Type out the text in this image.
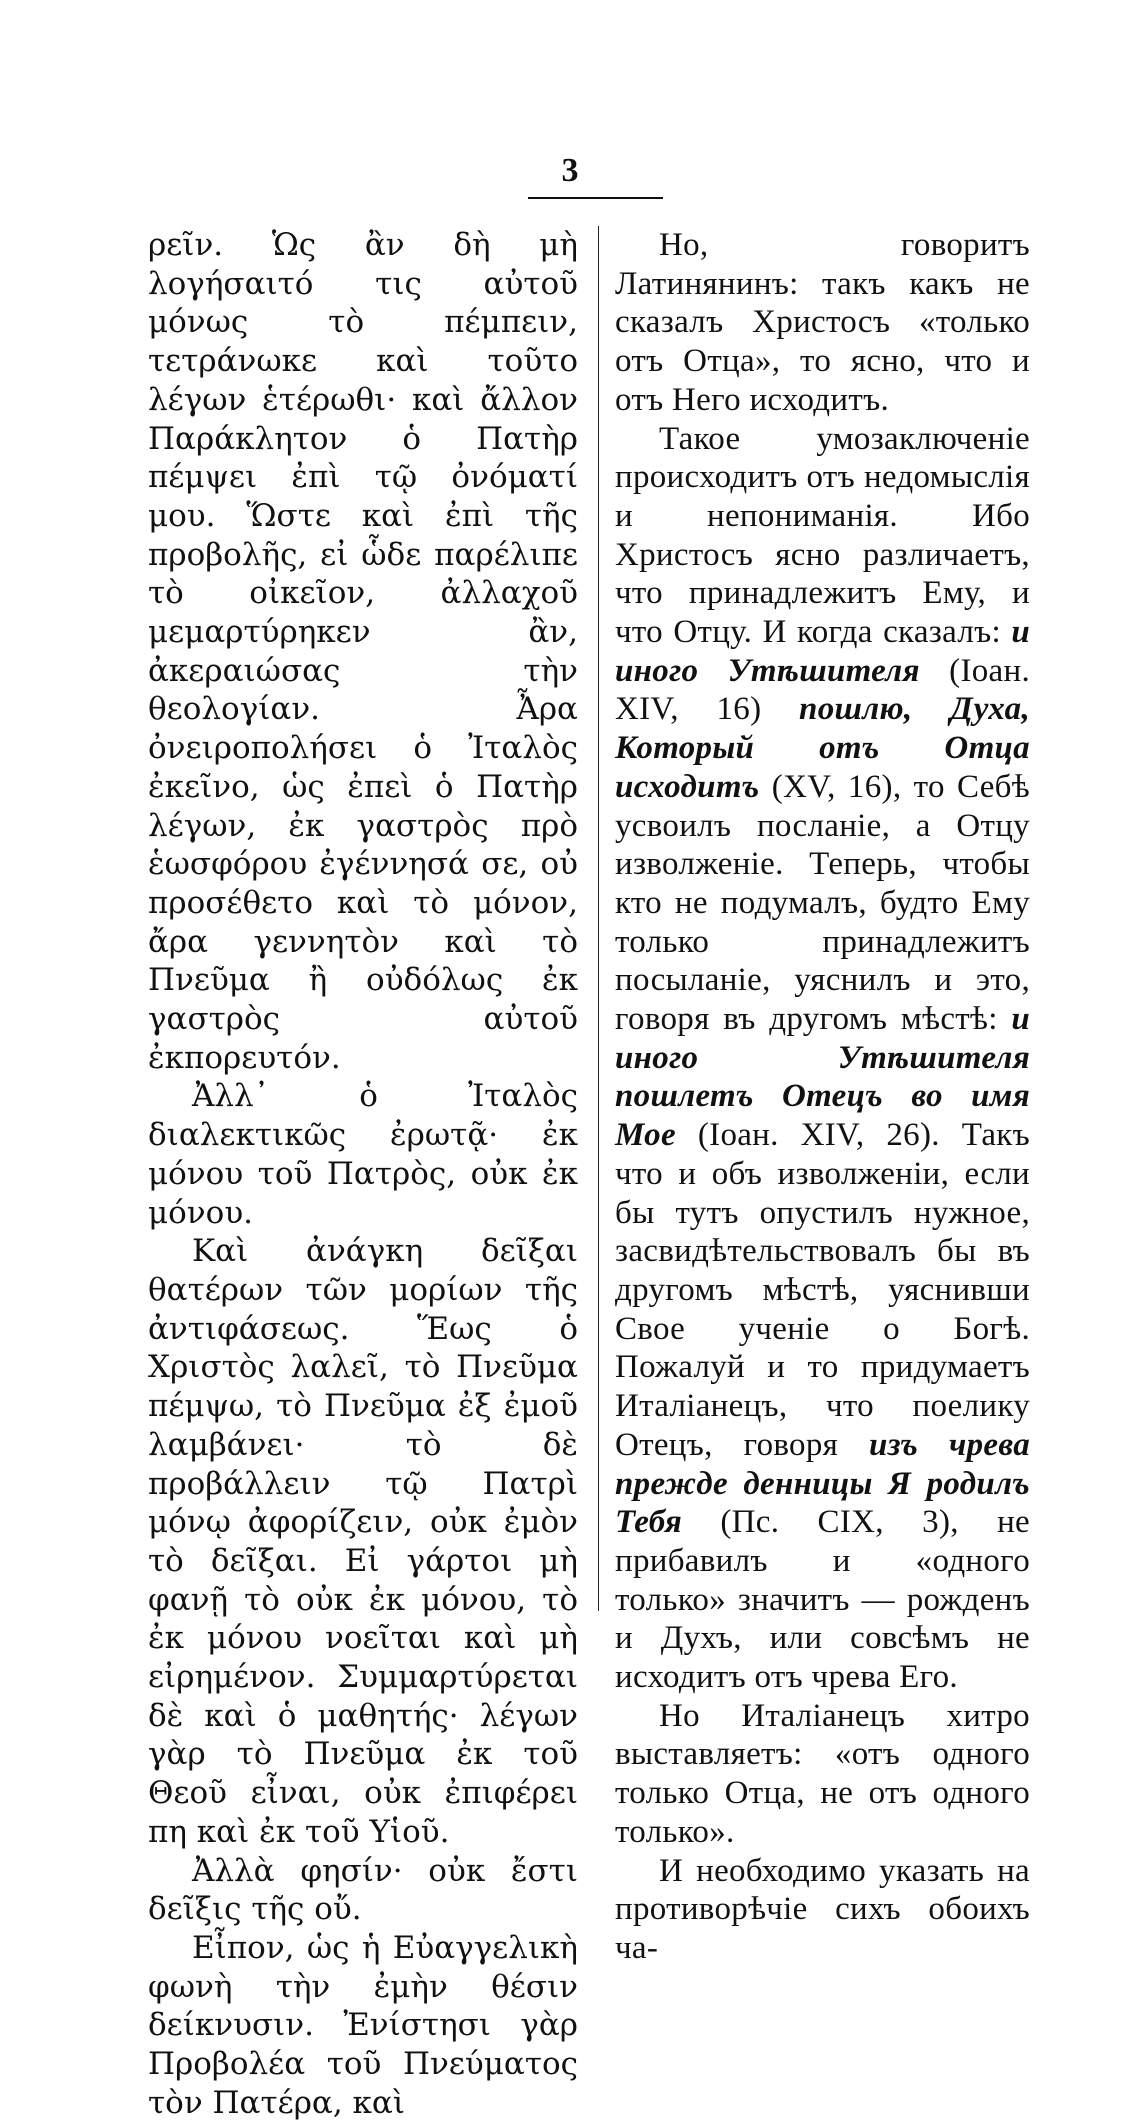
3

ρεῖν. Ὡς ἂν δὴ μὴ λογήσαιτό τις αὐτοῦ μόνως τὸ πέμπειν, τετράνωκε καὶ τοῦτο λέγων ἑτέρωθι· καὶ ἄλλον Παράκλητον ὁ Πατὴρ πέμψει ἐπὶ τῷ ὀνόματί μου. Ὥστε καὶ ἐπὶ τῆς προβολῆς, εἰ ὧδε παρέλιπε τὸ οἰκεῖον, ἀλλαχοῦ μεμαρτύρηκεν ἂν, ἀκεραιώσας τὴν θεολογίαν. Ἆρα ὀνειροπολήσει ὁ Ἰταλὸς ἐκεῖνο, ὡς ἐπεὶ ὁ Πατὴρ λέγων, ἐκ γαστρὸς πρὸ ἑωσφόρου ἐγέννησά σε, οὐ προσέθετο καὶ τὸ μόνον, ἄρα γεννητὸν καὶ τὸ Πνεῦμα ἢ οὐδόλως ἐκ γαστρὸς αὐτοῦ ἐκπορευτόν.

Ἀλλ᾽ ὁ Ἰταλὸς διαλεκτικῶς ἐρωτᾷ· ἐκ μόνου τοῦ Πατρὸς, οὐκ ἐκ μόνου.

Καὶ ἀνάγκη δεῖξαι θατέρων τῶν μορίων τῆς ἀντιφάσεως. Ἕως ὁ Χριστὸς λαλεῖ, τὸ Πνεῦμα πέμψω, τὸ Πνεῦμα ἐξ ἐμοῦ λαμβάνει· τὸ δὲ προβάλλειν τῷ Πατρὶ μόνῳ ἀφορίζειν, οὐκ ἐμὸν τὸ δεῖξαι. Εἰ γάρτοι μὴ φανῇ τὸ οὐκ ἐκ μόνου, τὸ ἐκ μόνου νοεῖται καὶ μὴ εἰρημένον. Συμμαρτύρεται δὲ καὶ ὁ μαθητής· λέγων γὰρ τὸ Πνεῦμα ἐκ τοῦ Θεοῦ εἶναι, οὐκ ἐπιφέρει πη καὶ ἐκ τοῦ Υἱοῦ.

Ἀλλὰ φησίν· οὐκ ἔστι δεῖξις τῆς οὔ.

Εἶπον, ὡς ἡ Εὐαγγελικὴ φωνὴ τὴν ἐμὴν θέσιν δείκνυσιν. Ἐνίστησι γὰρ Προβολέα τοῦ Πνεύματος τὸν Πατέρα, καὶ

Но, говоритъ Латинянинъ: такъ какъ не сказалъ Христосъ «только отъ Отца», то ясно, что и отъ Него исходитъ.

Такое умозаключеніе происходитъ отъ недомыслія и непониманія. Ибо Христосъ ясно различаетъ, что принадлежитъ Ему, и что Отцу. И когда сказалъ: и иного Утѣшителя (Іоан. XIV, 16) пошлю, Духа, Который отъ Отца исходитъ (XV, 16), то Себѣ усвоилъ посланіе, а Отцу изволженіе. Теперь, чтобы кто не подумалъ, будто Ему только принадлежитъ посыланіе, уяснилъ и это, говоря въ другомъ мѣстѣ: и иного Утѣшителя пошлетъ Отецъ во имя Мое (Іоан. XIV, 26). Такъ что и объ изволженіи, если бы тутъ опустилъ нужное, засвидѣтельствовалъ бы въ другомъ мѣстѣ, уяснивши Свое ученіе о Богѣ. Пожалуй и то придумаетъ Италіанецъ, что поелику Отецъ, говоря изъ чрева прежде денницы Я родилъ Тебя (Пс. CIX, 3), не прибавилъ и «одного только» значитъ — рожденъ и Духъ, или совсѣмъ не исходитъ отъ чрева Его.

Но Италіанецъ хитро выставляетъ: «отъ одного только Отца, не отъ одного только».

И необходимо указать на противорѣчіе сихъ обоихъ ча-
